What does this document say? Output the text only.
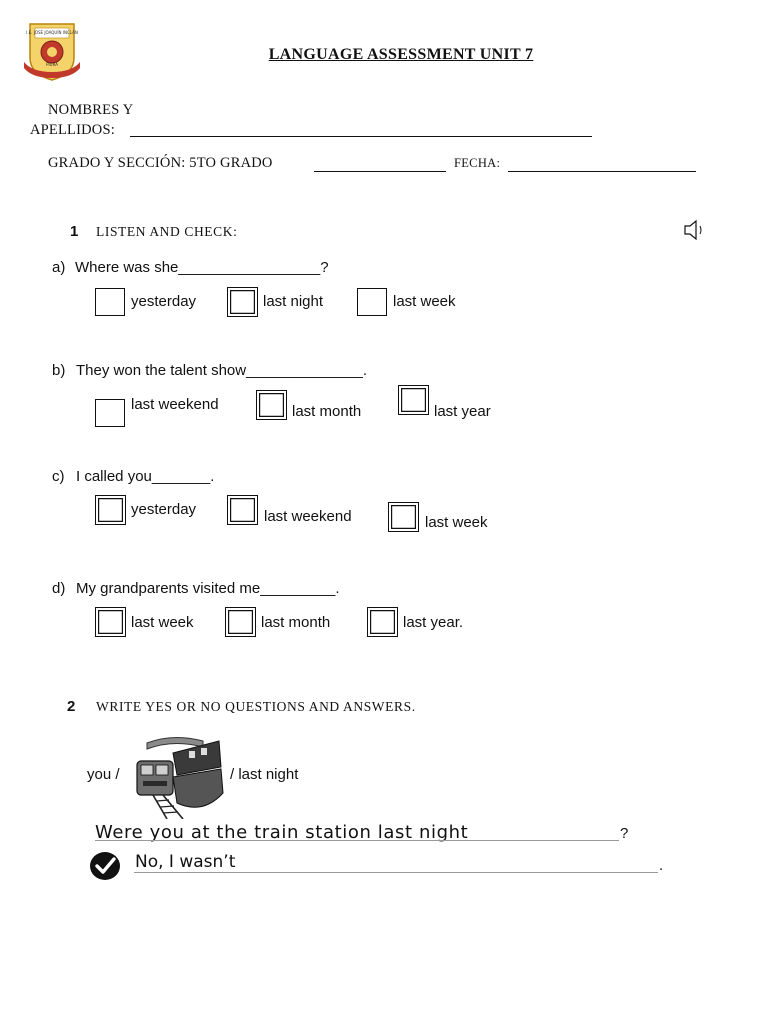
I.E. JOSÉ JOAQUÍN INCLÁN
PIURA
LANGUAGE ASSESSMENT UNIT 7
NOMBRES Y
APELLIDOS:
GRADO Y SECCIÓN: 5TO GRADO	FECHA:
1 LISTEN AND CHECK:
a) Where was she_________________?
yesterday	last night	last week
b) They won the talent show______________.
last weekend	last month	last year
c) I called you_______.
yesterday	last weekend	last week
d) My grandparents visited me_________.
last week	last month	last year.
2 WRITE YES OR NO QUESTIONS AND ANSWERS.
you /	/ last night
Were you at the train station last night	?
No, I wasn’t	.
